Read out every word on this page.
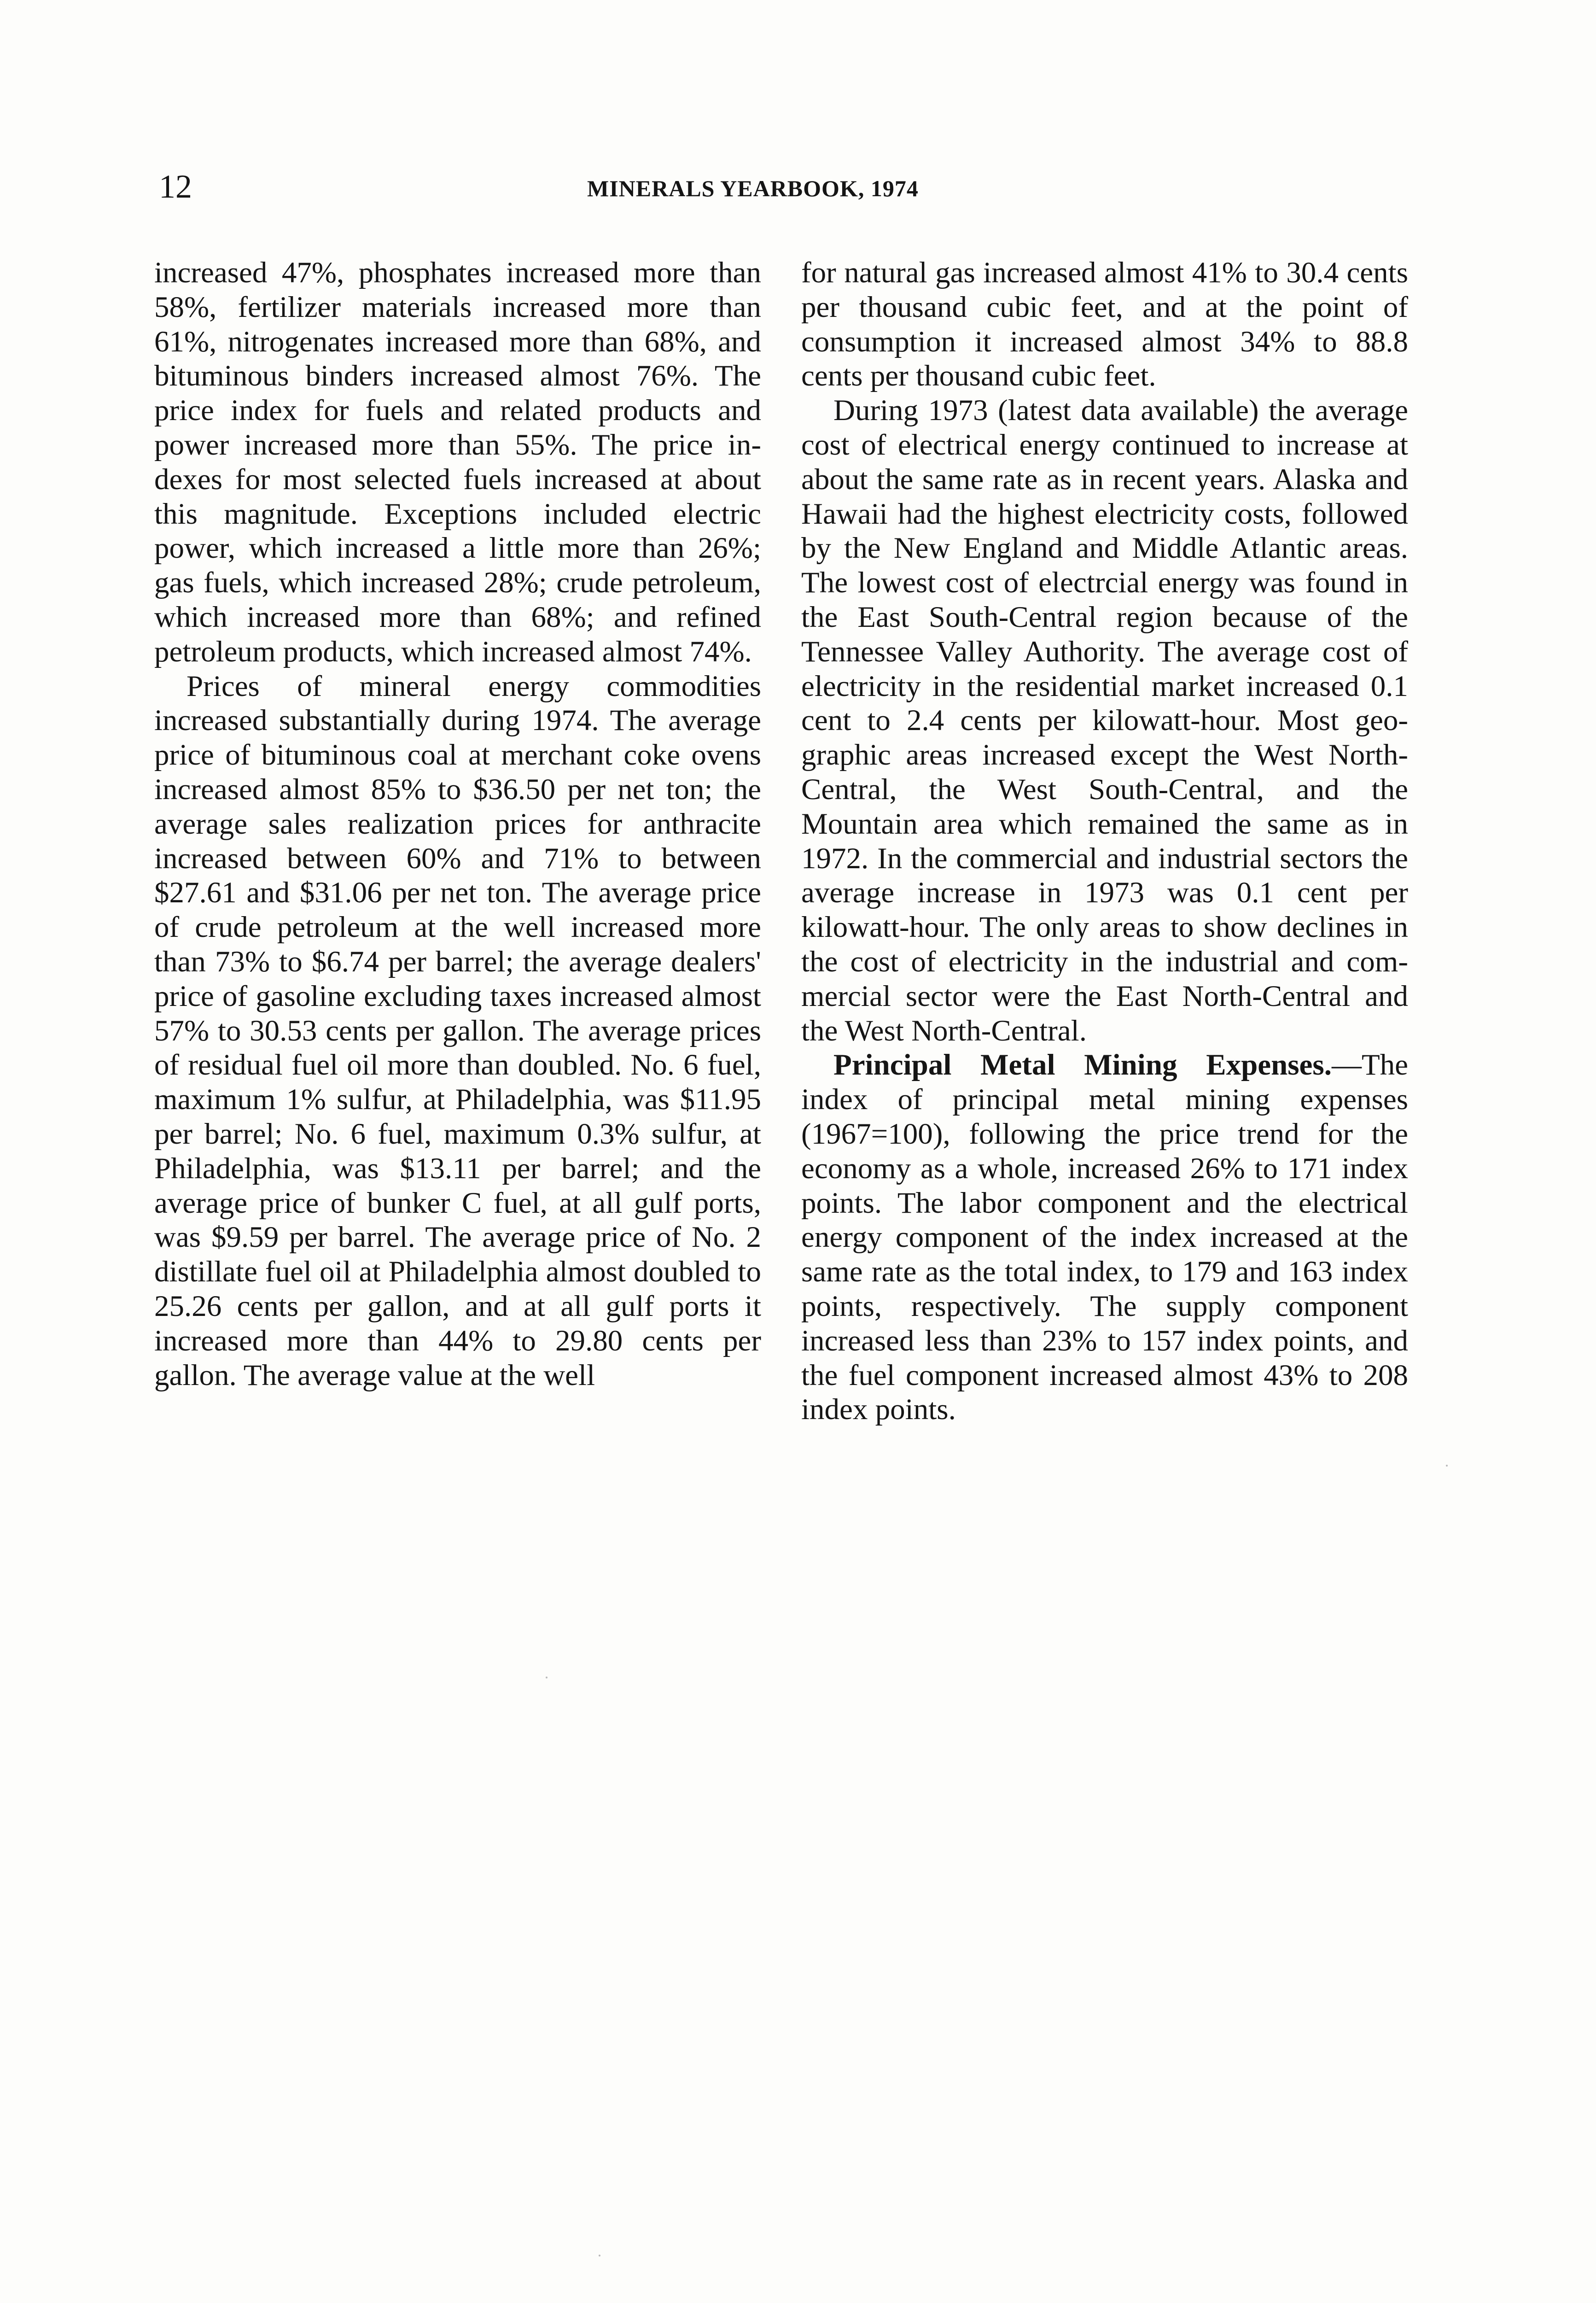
12	MINERALS YEARBOOK, 1974

increased 47%, phosphates increased more than 58%, fertilizer materials increased more than 61%, nitrogenates increased more than 68%, and bituminous binders increased almost 76%. The price index for fuels and related products and power increased more than 55%. The price indexes for most selected fuels increased at about this magnitude. Exceptions included electric power, which increased a little more than 26%; gas fuels, which increased 28%; crude petroleum, which increased more than 68%; and refined petroleum products, which increased almost 74%.

Prices of mineral energy commodities increased substantially during 1974. The average price of bituminous coal at merchant coke ovens increased almost 85% to $36.50 per net ton; the average sales realization prices for anthracite increased between 60% and 71% to between $27.61 and $31.06 per net ton. The average price of crude petroleum at the well increased more than 73% to $6.74 per barrel; the average dealers' price of gasoline excluding taxes increased almost 57% to 30.53 cents per gallon. The average prices of residual fuel oil more than doubled. No. 6 fuel, maximum 1% sulfur, at Philadelphia, was $11.95 per barrel; No. 6 fuel, maximum 0.3% sulfur, at Philadelphia, was $13.11 per barrel; and the average price of bunker C fuel, at all gulf ports, was $9.59 per barrel. The average price of No. 2 distillate fuel oil at Philadelphia almost doubled to 25.26 cents per gallon, and at all gulf ports it increased more than 44% to 29.80 cents per gallon. The average value at the well

for natural gas increased almost 41% to 30.4 cents per thousand cubic feet, and at the point of consumption it increased almost 34% to 88.8 cents per thousand cubic feet.

During 1973 (latest data available) the average cost of electrical energy continued to increase at about the same rate as in recent years. Alaska and Hawaii had the highest electricity costs, followed by the New England and Middle Atlantic areas. The lowest cost of electrcial energy was found in the East South-Central region because of the Tennessee Valley Authority. The average cost of electricity in the residential market increased 0.1 cent to 2.4 cents per kilowatt-hour. Most geographic areas increased except the West North-Central, the West South-Central, and the Mountain area which remained the same as in 1972. In the commercial and industrial sectors the average increase in 1973 was 0.1 cent per kilowatt-hour. The only areas to show declines in the cost of electricity in the industrial and commercial sector were the East North-Central and the West North-Central.

Principal Metal Mining Expenses.—The index of principal metal mining expenses (1967=100), following the price trend for the economy as a whole, increased 26% to 171 index points. The labor component and the electrical energy component of the index increased at the same rate as the total index, to 179 and 163 index points, respectively. The supply component increased less than 23% to 157 index points, and the fuel component increased almost 43% to 208 index points.
